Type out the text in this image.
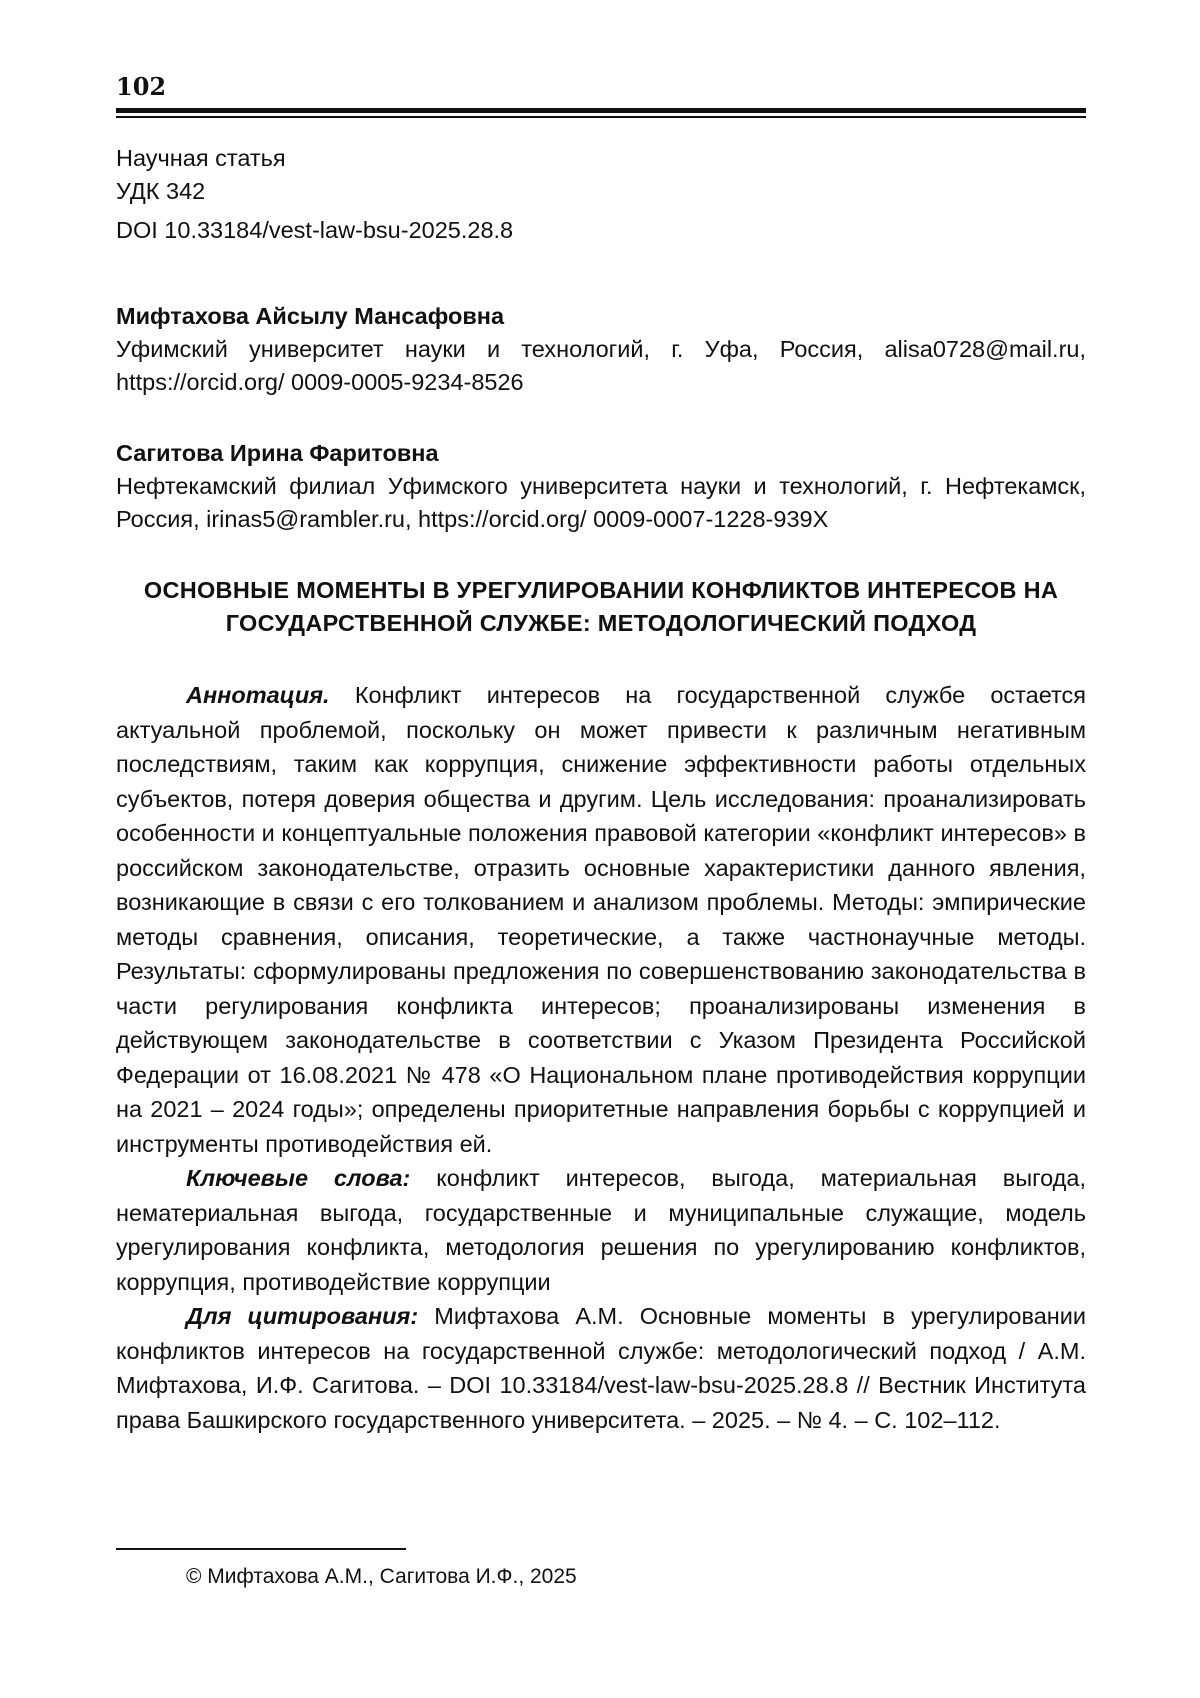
102
Научная статья
УДК 342
DOI 10.33184/vest-law-bsu-2025.28.8
Мифтахова Айсылу Мансафовна
Уфимский университет науки и технологий, г. Уфа, Россия, alisa0728@mail.ru, https://orcid.org/ 0009-0005-9234-8526
Сагитова Ирина Фаритовна
Нефтекамский филиал Уфимского университета науки и технологий, г. Нефтекамск, Россия, irinas5@rambler.ru, https://orcid.org/ 0009-0007-1228-939X
ОСНОВНЫЕ МОМЕНТЫ В УРЕГУЛИРОВАНИИ КОНФЛИКТОВ ИНТЕРЕСОВ НА
ГОСУДАРСТВЕННОЙ СЛУЖБЕ: МЕТОДОЛОГИЧЕСКИЙ ПОДХОД

Аннотация. Конфликт интересов на государственной службе остается актуальной проблемой, поскольку он может привести к различным негативным последствиям, таким как коррупция, снижение эффективности работы отдельных субъектов, потеря доверия общества и другим. Цель исследования: проанализировать особенности и концептуальные положения правовой категории «конфликт интересов» в российском законодательстве, отразить основные характеристики данного явления, возникающие в связи с его толкованием и анализом проблемы. Методы: эмпирические методы сравнения, описания, теоретические, а также частнонаучные методы. Результаты: сформулированы предложения по совершенствованию законодательства в части регулирования конфликта интересов; проанализированы изменения в действующем законодательстве в соответствии с Указом Президента Российской Федерации от 16.08.2021 № 478 «О Национальном плане противодействия коррупции на 2021 – 2024 годы»; определены приоритетные направления борьбы с коррупцией и инструменты противодействия ей.

Ключевые слова: конфликт интересов, выгода, материальная выгода, нематериальная выгода, государственные и муниципальные служащие, модель урегулирования конфликта, методология решения по урегулированию конфликтов, коррупция, противодействие коррупции

Для цитирования: Мифтахова А.М. Основные моменты в урегулировании конфликтов интересов на государственной службе: методологический подход / А.М. Мифтахова, И.Ф. Сагитова. – DOI 10.33184/vest-law-bsu-2025.28.8 // Вестник Института права Башкирского государственного университета. – 2025. – № 4. – С. 102–112.

© Мифтахова А.М., Сагитова И.Ф., 2025
